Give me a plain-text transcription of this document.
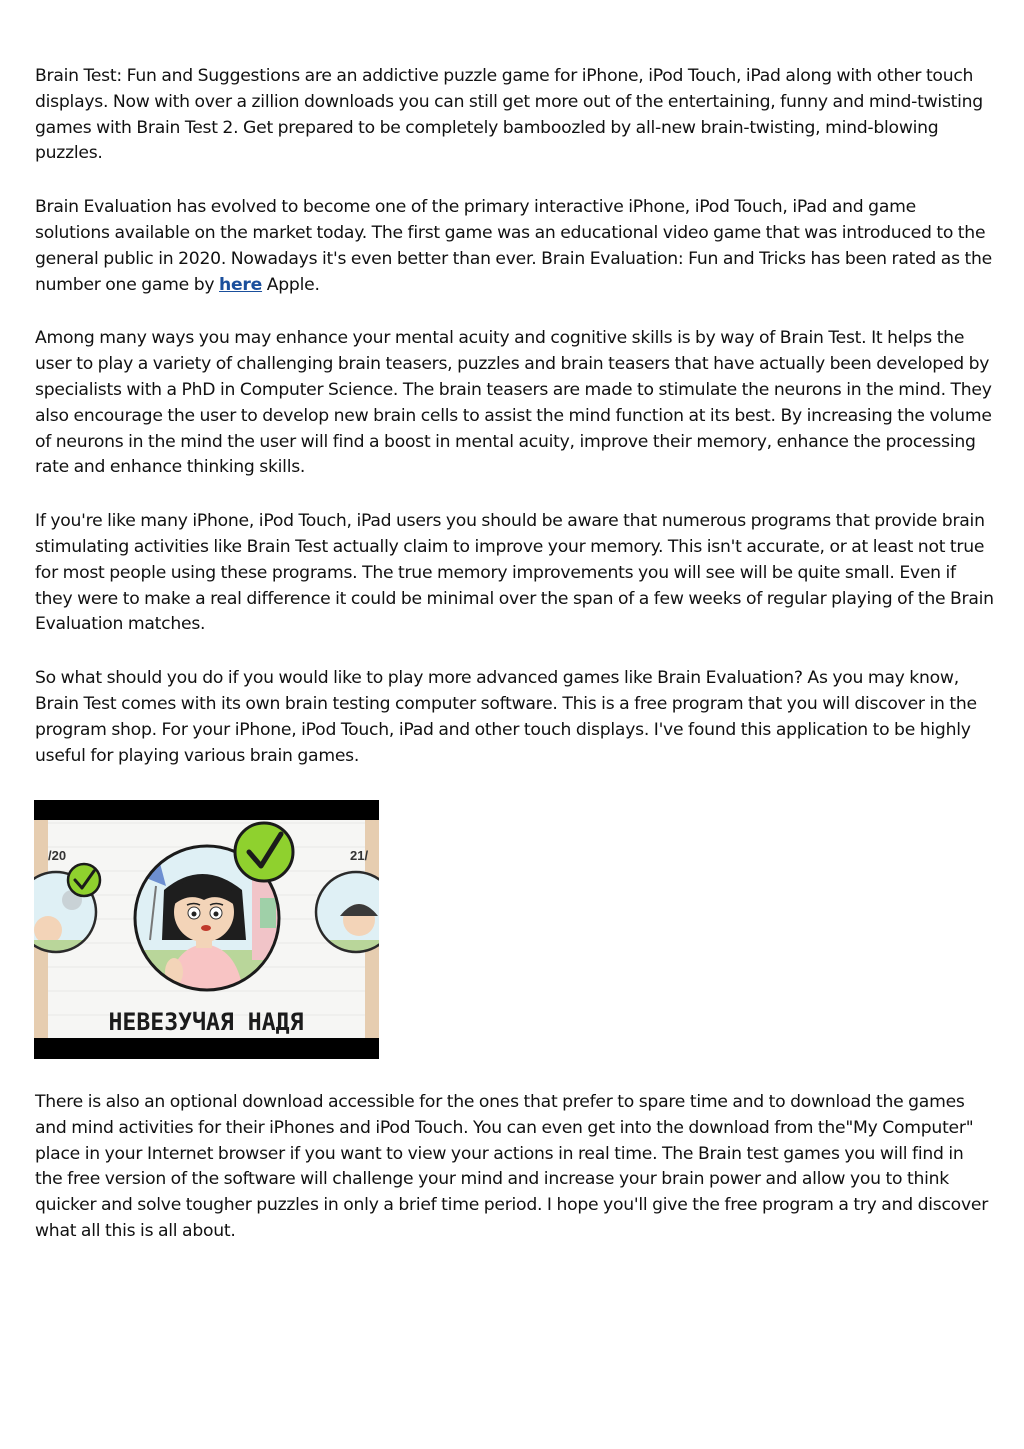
Brain Test: Fun and Suggestions are an addictive puzzle game for iPhone, iPod Touch, iPad along with other touch displays. Now with over a zillion downloads you can still get more out of the entertaining, funny and mind-twisting games with Brain Test 2. Get prepared to be completely bamboozled by all-new brain-twisting, mind-blowing puzzles.

Brain Evaluation has evolved to become one of the primary interactive iPhone, iPod Touch, iPad and game solutions available on the market today. The first game was an educational video game that was introduced to the general public in 2020. Nowadays it's even better than ever. Brain Evaluation: Fun and Tricks has been rated as the number one game by here Apple.

Among many ways you may enhance your mental acuity and cognitive skills is by way of Brain Test. It helps the user to play a variety of challenging brain teasers, puzzles and brain teasers that have actually been developed by specialists with a PhD in Computer Science. The brain teasers are made to stimulate the neurons in the mind. They also encourage the user to develop new brain cells to assist the mind function at its best. By increasing the volume of neurons in the mind the user will find a boost in mental acuity, improve their memory, enhance the processing rate and enhance thinking skills.

If you're like many iPhone, iPod Touch, iPad users you should be aware that numerous programs that provide brain stimulating activities like Brain Test actually claim to improve your memory. This isn't accurate, or at least not true for most people using these programs. The true memory improvements you will see will be quite small. Even if they were to make a real difference it could be minimal over the span of a few weeks of regular playing of the Brain Evaluation matches.

So what should you do if you would like to play more advanced games like Brain Evaluation? As you may know, Brain Test comes with its own brain testing computer software. This is a free program that you will discover in the program shop. For your iPhone, iPod Touch, iPad and other touch displays. I've found this application to be highly useful for playing various brain games.

/20	21/
НЕВЕЗУЧАЯ НАДЯ

There is also an optional download accessible for the ones that prefer to spare time and to download the games and mind activities for their iPhones and iPod Touch. You can even get into the download from the"My Computer" place in your Internet browser if you want to view your actions in real time. The Brain test games you will find in the free version of the software will challenge your mind and increase your brain power and allow you to think quicker and solve tougher puzzles in only a brief time period. I hope you'll give the free program a try and discover what all this is all about.
